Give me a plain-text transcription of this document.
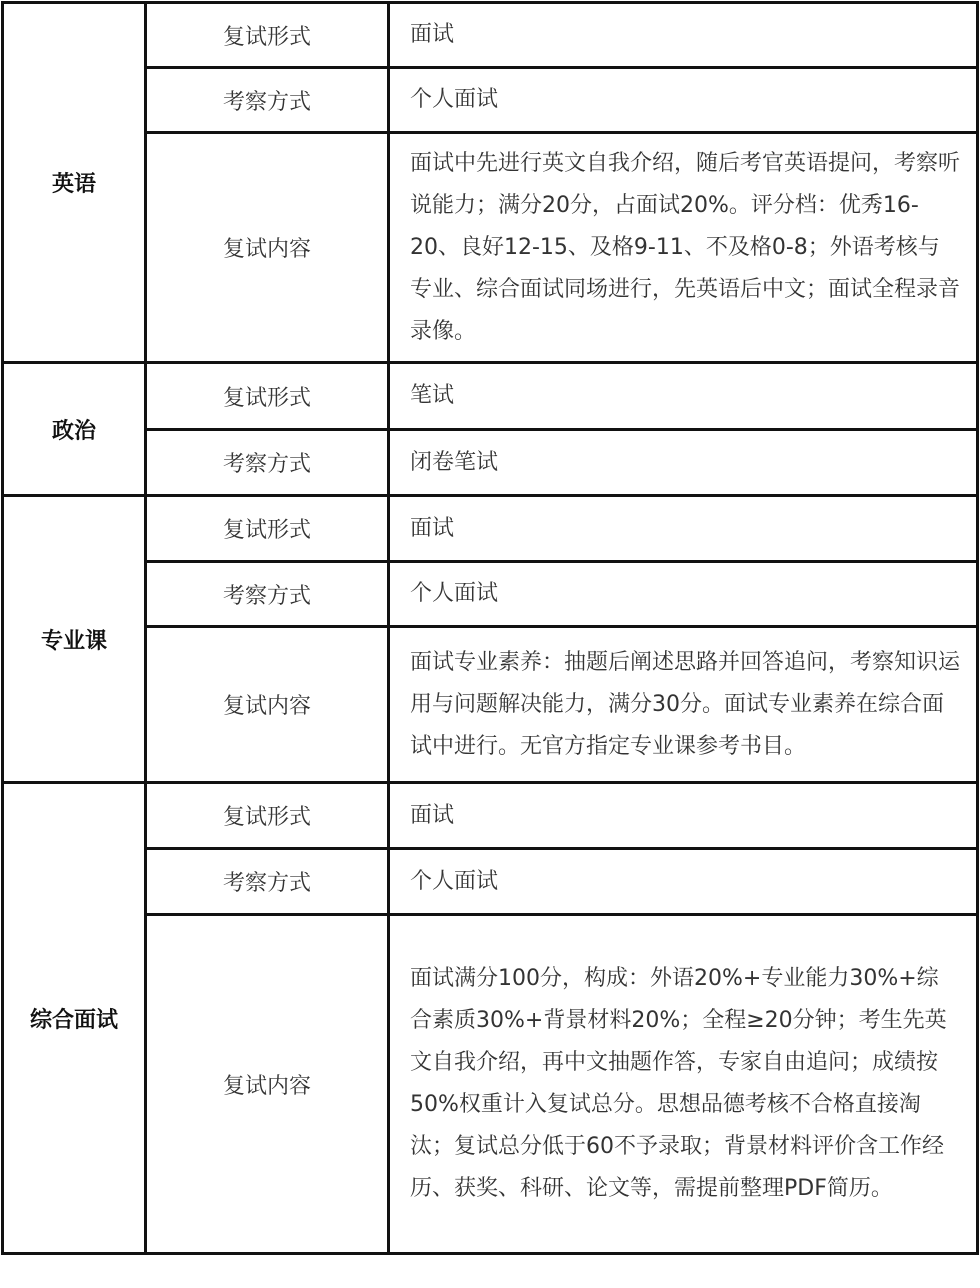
英语	复试形式	面试
	考察方式	个人面试
	复试内容	面试中先进行英文自我介绍，随后考官英语提问，考察听说能力；满分20分，占面试20%。评分档：优秀16-20、良好12-15、及格9-11、不及格0-8；外语考核与专业、综合面试同场进行，先英语后中文；面试全程录音录像。
政治	复试形式	笔试
	考察方式	闭卷笔试
专业课	复试形式	面试
	考察方式	个人面试
	复试内容	面试专业素养：抽题后阐述思路并回答追问，考察知识运用与问题解决能力，满分30分。面试专业素养在综合面试中进行。无官方指定专业课参考书目。
综合面试	复试形式	面试
	考察方式	个人面试
	复试内容	面试满分100分，构成：外语20%+专业能力30%+综合素质30%+背景材料20%；全程≥20分钟；考生先英文自我介绍，再中文抽题作答，专家自由追问；成绩按50%权重计入复试总分。思想品德考核不合格直接淘汰；复试总分低于60不予录取；背景材料评价含工作经历、获奖、科研、论文等，需提前整理PDF简历。
